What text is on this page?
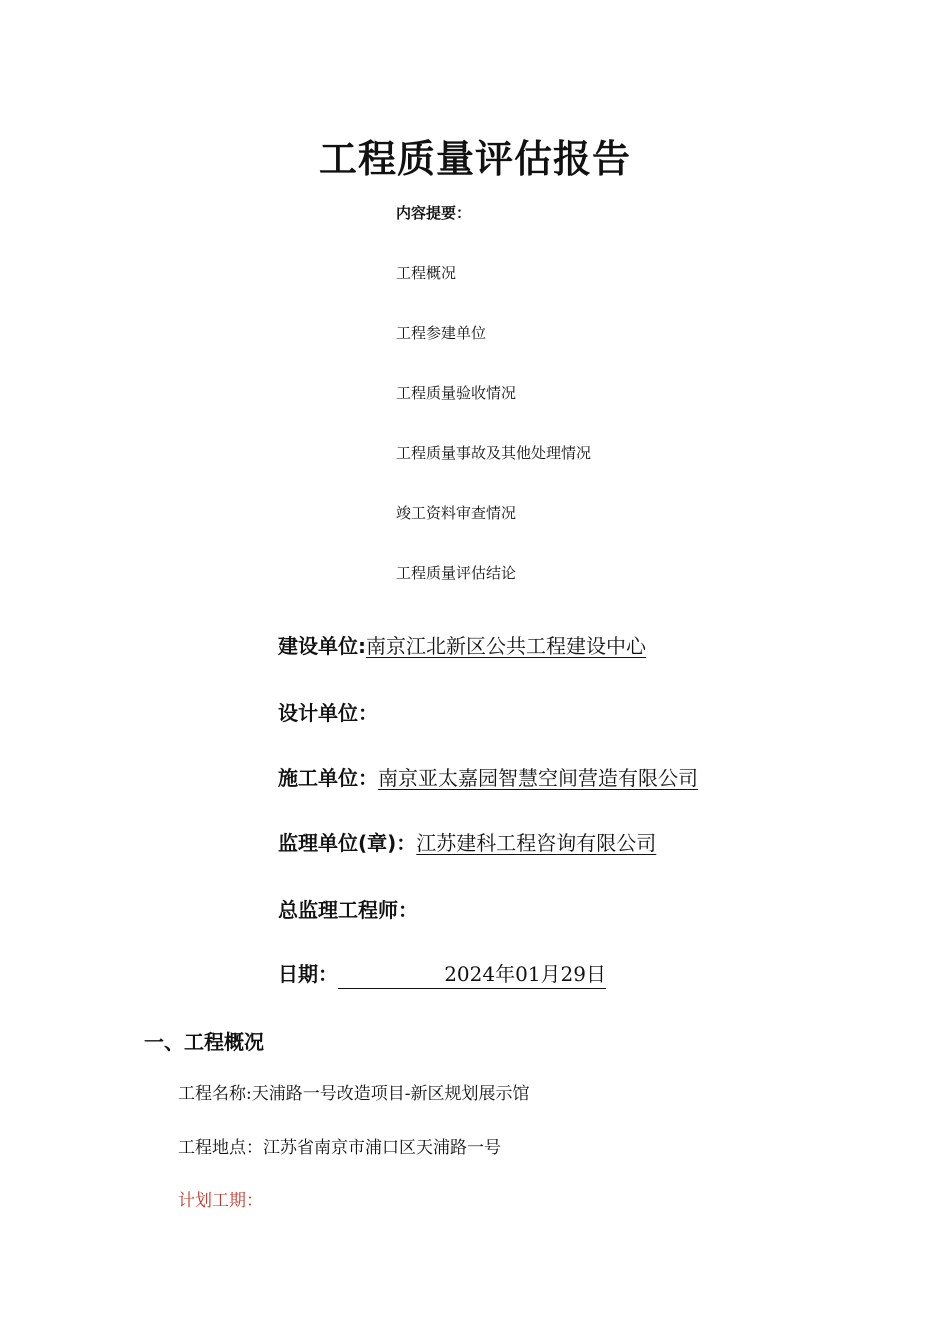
工程质量评估报告
内容提要：
工程概况
工程参建单位
工程质量验收情况
工程质量事故及其他处理情况
竣工资料审查情况
工程质量评估结论
建设单位:南京江北新区公共工程建设中心
设计单位：
施工单位：南京亚太嘉园智慧空间营造有限公司
监理单位(章)：江苏建科工程咨询有限公司
总监理工程师：
日期：	2024年01月29日
一、工程概况
工程名称:天浦路一号改造项目-新区规划展示馆
工程地点：江苏省南京市浦口区天浦路一号
计划工期：
